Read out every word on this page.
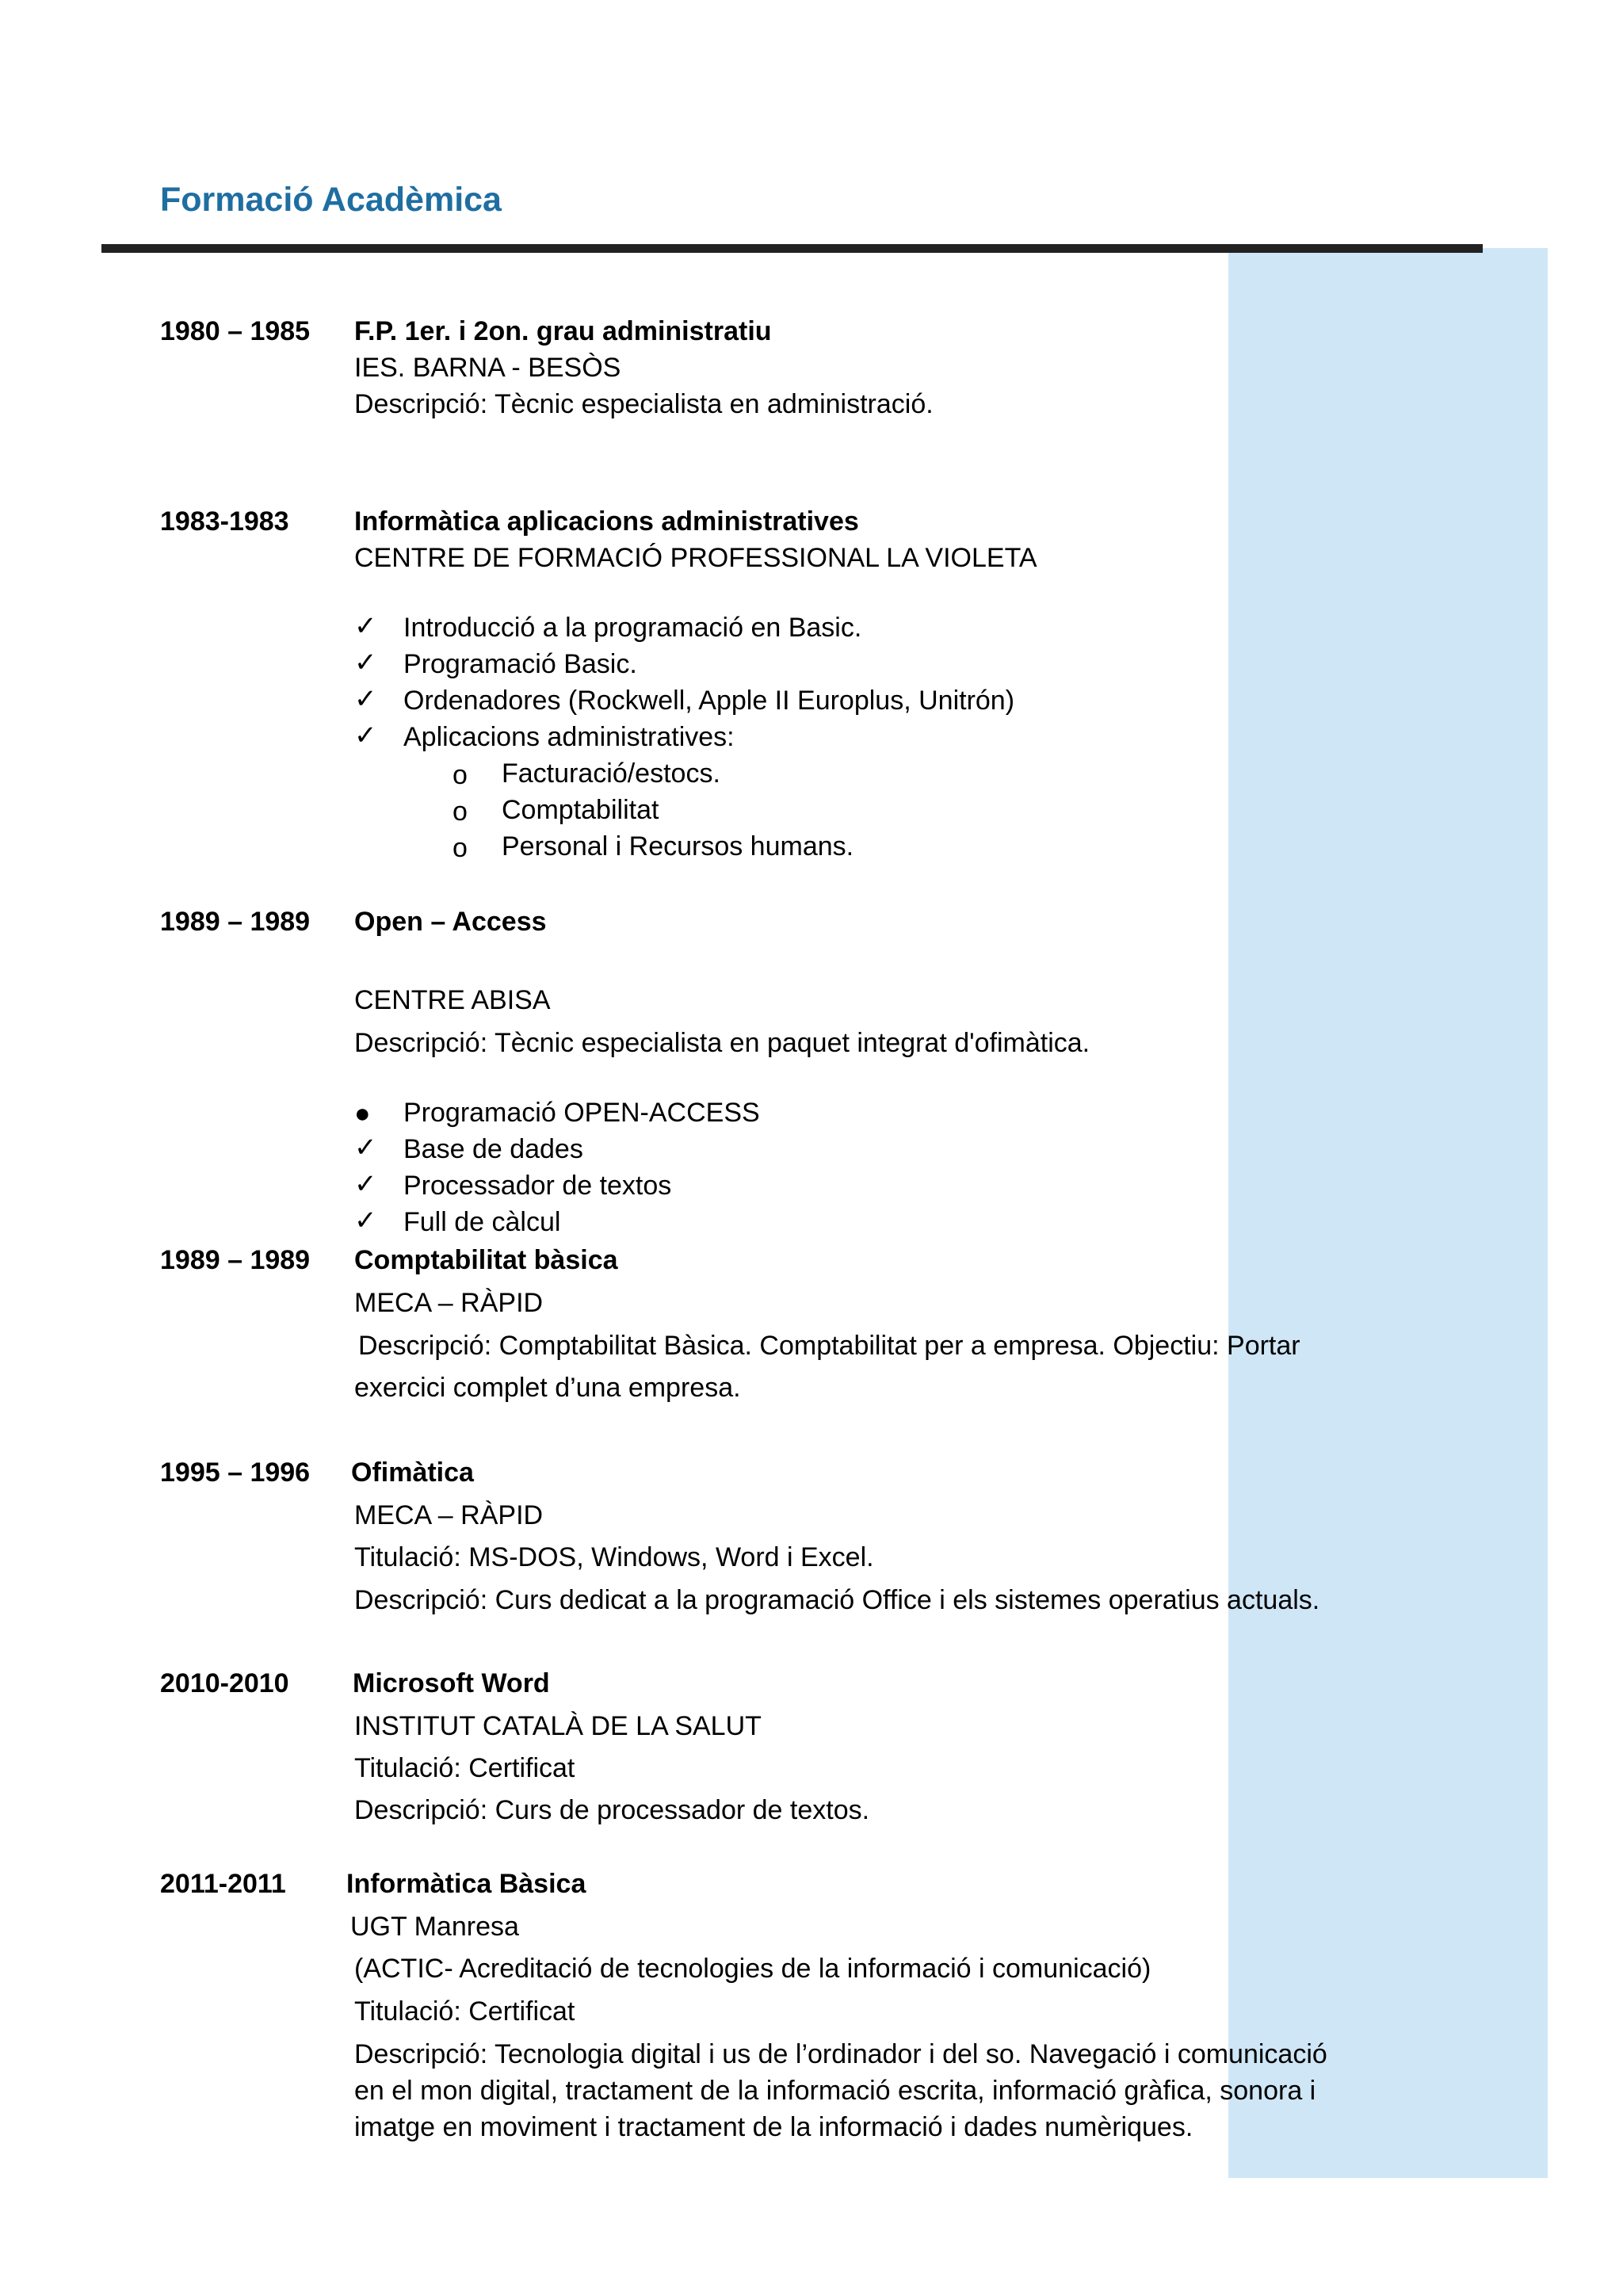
Formació Acadèmica
1980 – 1985 F.P. 1er. i 2on. grau administratiu
IES. BARNA - BESÒS
Descripció: Tècnic especialista en administració.
1983-1983 Informàtica aplicacions administratives
CENTRE DE FORMACIÓ PROFESSIONAL LA VIOLETA
✓ Introducció a la programació en Basic.
✓ Programació Basic.
✓ Ordenadores (Rockwell, Apple II Europlus, Unitrón)
✓ Aplicacions administratives:
o Facturació/estocs.
o Comptabilitat
o Personal i Recursos humans.
1989 – 1989 Open – Access
CENTRE ABISA
Descripció: Tècnic especialista en paquet integrat d'ofimàtica.
● Programació OPEN-ACCESS
✓ Base de dades
✓ Processador de textos
✓ Full de càlcul
1989 – 1989 Comptabilitat bàsica
MECA – RÀPID
Descripció: Comptabilitat Bàsica. Comptabilitat per a empresa. Objectiu: Portar
exercici complet d’una empresa.
1995 – 1996 Ofimàtica
MECA – RÀPID
Titulació: MS-DOS, Windows, Word i Excel.
Descripció: Curs dedicat a la programació Office i els sistemes operatius actuals.
2010-2010 Microsoft Word
INSTITUT CATALÀ DE LA SALUT
Titulació: Certificat
Descripció: Curs de processador de textos.
2011-2011 Informàtica Bàsica
UGT Manresa
(ACTIC- Acreditació de tecnologies de la informació i comunicació)
Titulació: Certificat
Descripció: Tecnologia digital i us de l’ordinador i del so. Navegació i comunicació
en el mon digital, tractament de la informació escrita, informació gràfica, sonora i
imatge en moviment i tractament de la informació i dades numèriques.
